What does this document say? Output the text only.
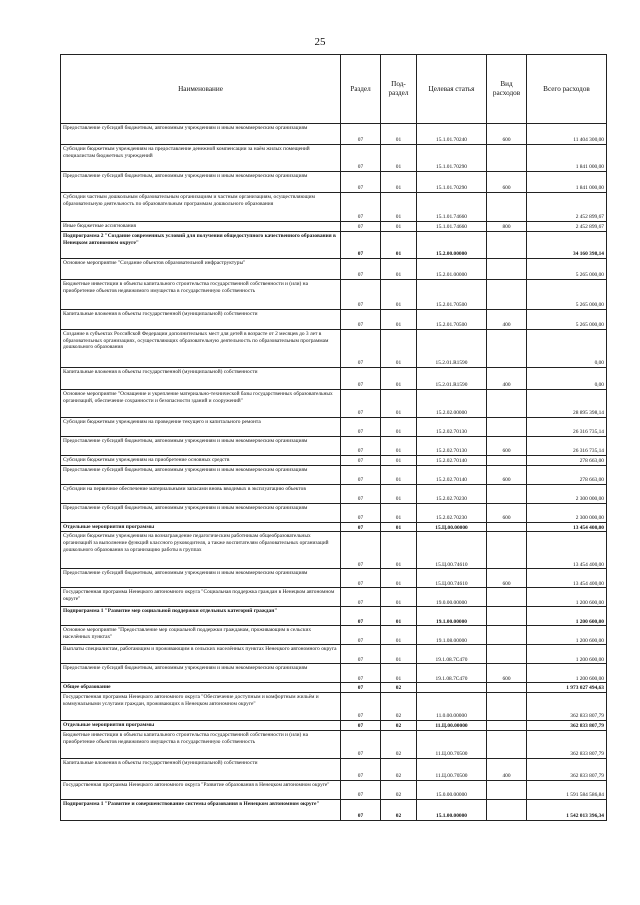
25
Наименование	Раздел	Под-
раздел	Целевая статья	Вид
расходов	Всего расходов
Предоставление субсидий бюджетным, автономным учреждениям и иным некоммерческим организациям	07	01	15.1.01.70240	600	11 404 300,00
Субсидии бюджетным учреждениям на предоставление денежной компенсации за наём жилых помещений специалистам бюджетных учреждений	07	01	15.1.01.70290		1 841 000,00
Предоставление субсидий бюджетным, автономным учреждениям и иным некоммерческим организациям	07	01	15.1.01.70290	600	1 841 000,00
Субсидии частным дошкольным образовательным организациям и частным организациям, осуществляющим образовательную деятельность по образовательным программам дошкольного образования	07	01	15.1.01.74660		2 452 899,67
Иные бюджетные ассигнования	07	01	15.1.01.74660	800	2 452 899,67
Подпрограмма 2 "Создание современных условий для получения общедоступного качественного образования в Ненецком автономном округе"	07	01	15.2.00.00000		34 160 398,14
Основное мероприятие "Создание объектов образовательной инфраструктуры"	07	01	15.2.01.00000		5 265 000,00
Бюджетные инвестиции в объекты капитального строительства государственной собственности и (или) на приобретение объектов недвижимого имущества в государственную собственность	07	01	15.2.01.70500		5 265 000,00
Капитальные вложения в объекты государственной (муниципальной) собственности	07	01	15.2.01.70500	400	5 265 000,00
Создание в субъектах Российской Федерации дополнительных мест для детей в возрасте от 2 месяцев до 3 лет в образовательных организациях, осуществляющих образовательную деятельность по образовательным программам дошкольного образования	07	01	15.2.01.R1590		0,00
Капитальные вложения в объекты государственной (муниципальной) собственности	07	01	15.2.01.R1590	400	0,00
Основное мероприятие "Оснащение и укрепление материально-технической базы государственных образовательных организаций, обеспечение сохранности и безопасности зданий и сооружений"	07	01	15.2.02.00000		28 895 398,14
Субсидии бюджетным учреждениям на проведение текущего и капитального ремонта	07	01	15.2.02.70130		26 316 735,14
Предоставление субсидий бюджетным, автономным учреждениям и иным некоммерческим организациям	07	01	15.2.02.70130	600	26 316 735,14
Субсидии бюджетным учреждениям на приобретение основных средств	07	01	15.2.02.70140		278 663,00
Предоставление субсидий бюджетным, автономным учреждениям и иным некоммерческим организациям	07	01	15.2.02.70140	600	278 663,00
Субсидии на первичное обеспечение материальными запасами вновь вводимых в эксплуатацию объектов	07	01	15.2.02.70230		2 300 000,00
Предоставление субсидий бюджетным, автономным учреждениям и иным некоммерческим организациям	07	01	15.2.02.70230	600	2 300 000,00
Отдельные мероприятия программы	07	01	15.Ц.00.00000		13 454 400,00
Субсидии бюджетным учреждениям на вознаграждение педагогическим работникам общеобразовательных организаций за выполнение функций классного руководителя, а также воспитателям образовательных организаций дошкольного образования за организацию работы в группах	07	01	15.Ц.00.74610		13 454 400,00
Предоставление субсидий бюджетным, автономным учреждениям и иным некоммерческим организациям	07	01	15.Ц.00.74610	600	13 454 400,00
Государственная программа Ненецкого автономного округа "Социальная поддержка граждан в Ненецком автономном округе"	07	01	19.0.00.00000		1 200 600,00
Подпрограмма 1 "Развитие мер социальной поддержки отдельных категорий граждан"	07	01	19.1.00.00000		1 200 600,00
Основное мероприятие "Предоставление мер социальной поддержки гражданам, проживающим в сельских населённых пунктах"	07	01	19.1.08.00000		1 200 600,00
Выплаты специалистам, работающим и проживающим в сельских населённых пунктах Ненецкого автономного округа	07	01	19.1.08.7C470		1 200 600,00
Предоставление субсидий бюджетным, автономным учреждениям и иным некоммерческим организациям	07	01	19.1.08.7C470	600	1 200 600,00
Общее образование	07	02			1 973 027 494,63
Государственная программа Ненецкого автономного округа "Обеспечение доступным и комфортным жильём и коммунальными услугами граждан, проживающих в Ненецком автономном округе"	07	02	11.0.00.00000		362 833 807,79
Отдельные мероприятия программы	07	02	11.Ц.00.00000		362 833 807,79
Бюджетные инвестиции в объекты капитального строительства государственной собственности и (или) на приобретение объектов недвижимого имущества в государственную собственность	07	02	11.Ц.00.70500		362 833 807,79
Капитальные вложения в объекты государственной (муниципальной) собственности	07	02	11.Ц.00.70500	400	362 833 807,79
Государственная программа Ненецкого автономного округа "Развитие образования в Ненецком автономном округе"	07	02	15.0.00.00000		1 591 584 586,84
Подпрограмма 1 "Развитие и совершенствование системы образования в Ненецком автономном округе"	07	02	15.1.00.00000		1 542 013 396,34
